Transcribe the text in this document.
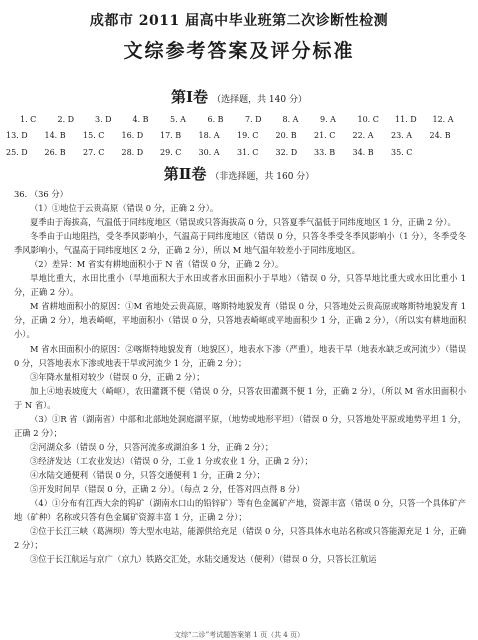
成都市 2011 届高中毕业班第二次诊断性检测
文综参考答案及评分标准
第Ⅰ卷 （选择题，共 140 分）
1. C	2. D	3. D	4. B	5. A	6. B	7. D	8. A	9. A	10. C 11. D 12. A
13. D 14. B 15. C 16. D 17. B 18. A 19. C 20. B 21. C 22. A 23. A 24. B
25. D 26. B 27. C 28. D 29. C 30. A 31. C 32. D 33. B 34. B 35. C
第Ⅱ卷 （非选择题，共 160 分）

36. （36 分）

（1）①地位于云贵高原（错误 0 分，正确 2 分）。

夏季由于海拔高，气温低于同纬度地区（错误或只答海拔高 0 分，只答夏季气温低于同纬度地区 1 分，正确 2 分）。

冬季由于山地阻挡，受冬季风影响小，气温高于同纬度地区（错误 0 分，只答冬季受冬季风影响小（1 分），冬季受冬季风影响小，气温高于同纬度地区 2 分，正确 2 分），所以 M 地气温年较差小于同纬度地区。

（2）差异：M 省实有耕地面积小于 N 省（错误 0 分，正确 2 分）。

旱地比重大，水田比重小（旱地面积大于水田或者水田面积小于旱地）（错误 0 分，只答旱地比重大或水田比重小 1 分，正确 2 分）。

M 省耕地面积小的原因：①M 省地处云贵高原，喀斯特地貌发育（错误 0 分，只答地处云贵高原或喀斯特地貌发育 1 分，正确 2 分），地表崎岖，平地面积小（错误 0 分，只答地表崎岖或平地面积少 1 分，正确 2 分），（所以实有耕地面积小）。

M 省水田面积小的原因：②喀斯特地貌发育（地貌区），地表水下渗（严重），地表干旱（地表水缺乏或河流少）（错误 0 分，只答地表水下渗或地表干旱或河流少 1 分，正确 2 分）；

③年降水量相对较少（错误 0 分，正确 2 分）；

加上④地表坡度大（崎岖），农田灌溉不便（错误 0 分，只答农田灌溉不便 1 分，正确 2 分），（所以 M 省水田面积小于 N 省）。

（3）①R 省（湖南省）中部和北部地处洞庭湖平原，（地势或地形平坦）（错误 0 分，只答地处平原或地势平坦 1 分，正确 2 分）；

②河湖众多（错误 0 分，只答河流多或湖泊多 1 分，正确 2 分）；

③经济发达（工农业发达）（错误 0 分，工业 1 分或农业 1 分，正确 2 分）；

④水陆交通便利（错误 0 分，只答交通便利 1 分，正确 2 分）；

⑤开发时间早（错误 0 分，正确 2 分）。（每点 2 分，任答对四点得 8 分）

（4）①分布有江西大余的钨矿（湖南水口山的铅锌矿）等有色金属矿产地，资源丰富（错误 0 分，只答一个具体矿产地（矿种）名称或只答有色金属矿资源丰富 1 分，正确 2 分）；

②位于长江三峡（葛洲坝）等大型水电站，能源供给充足（错误 0 分，只答具体水电站名称或只答能源充足 1 分，正确 2 分）；

③位于长江航运与京广（京九）铁路交汇处，水陆交通发达（便利）（错误 0 分，只答长江航运

文综“二诊”考试题答案第 1 页（共 4 页）
